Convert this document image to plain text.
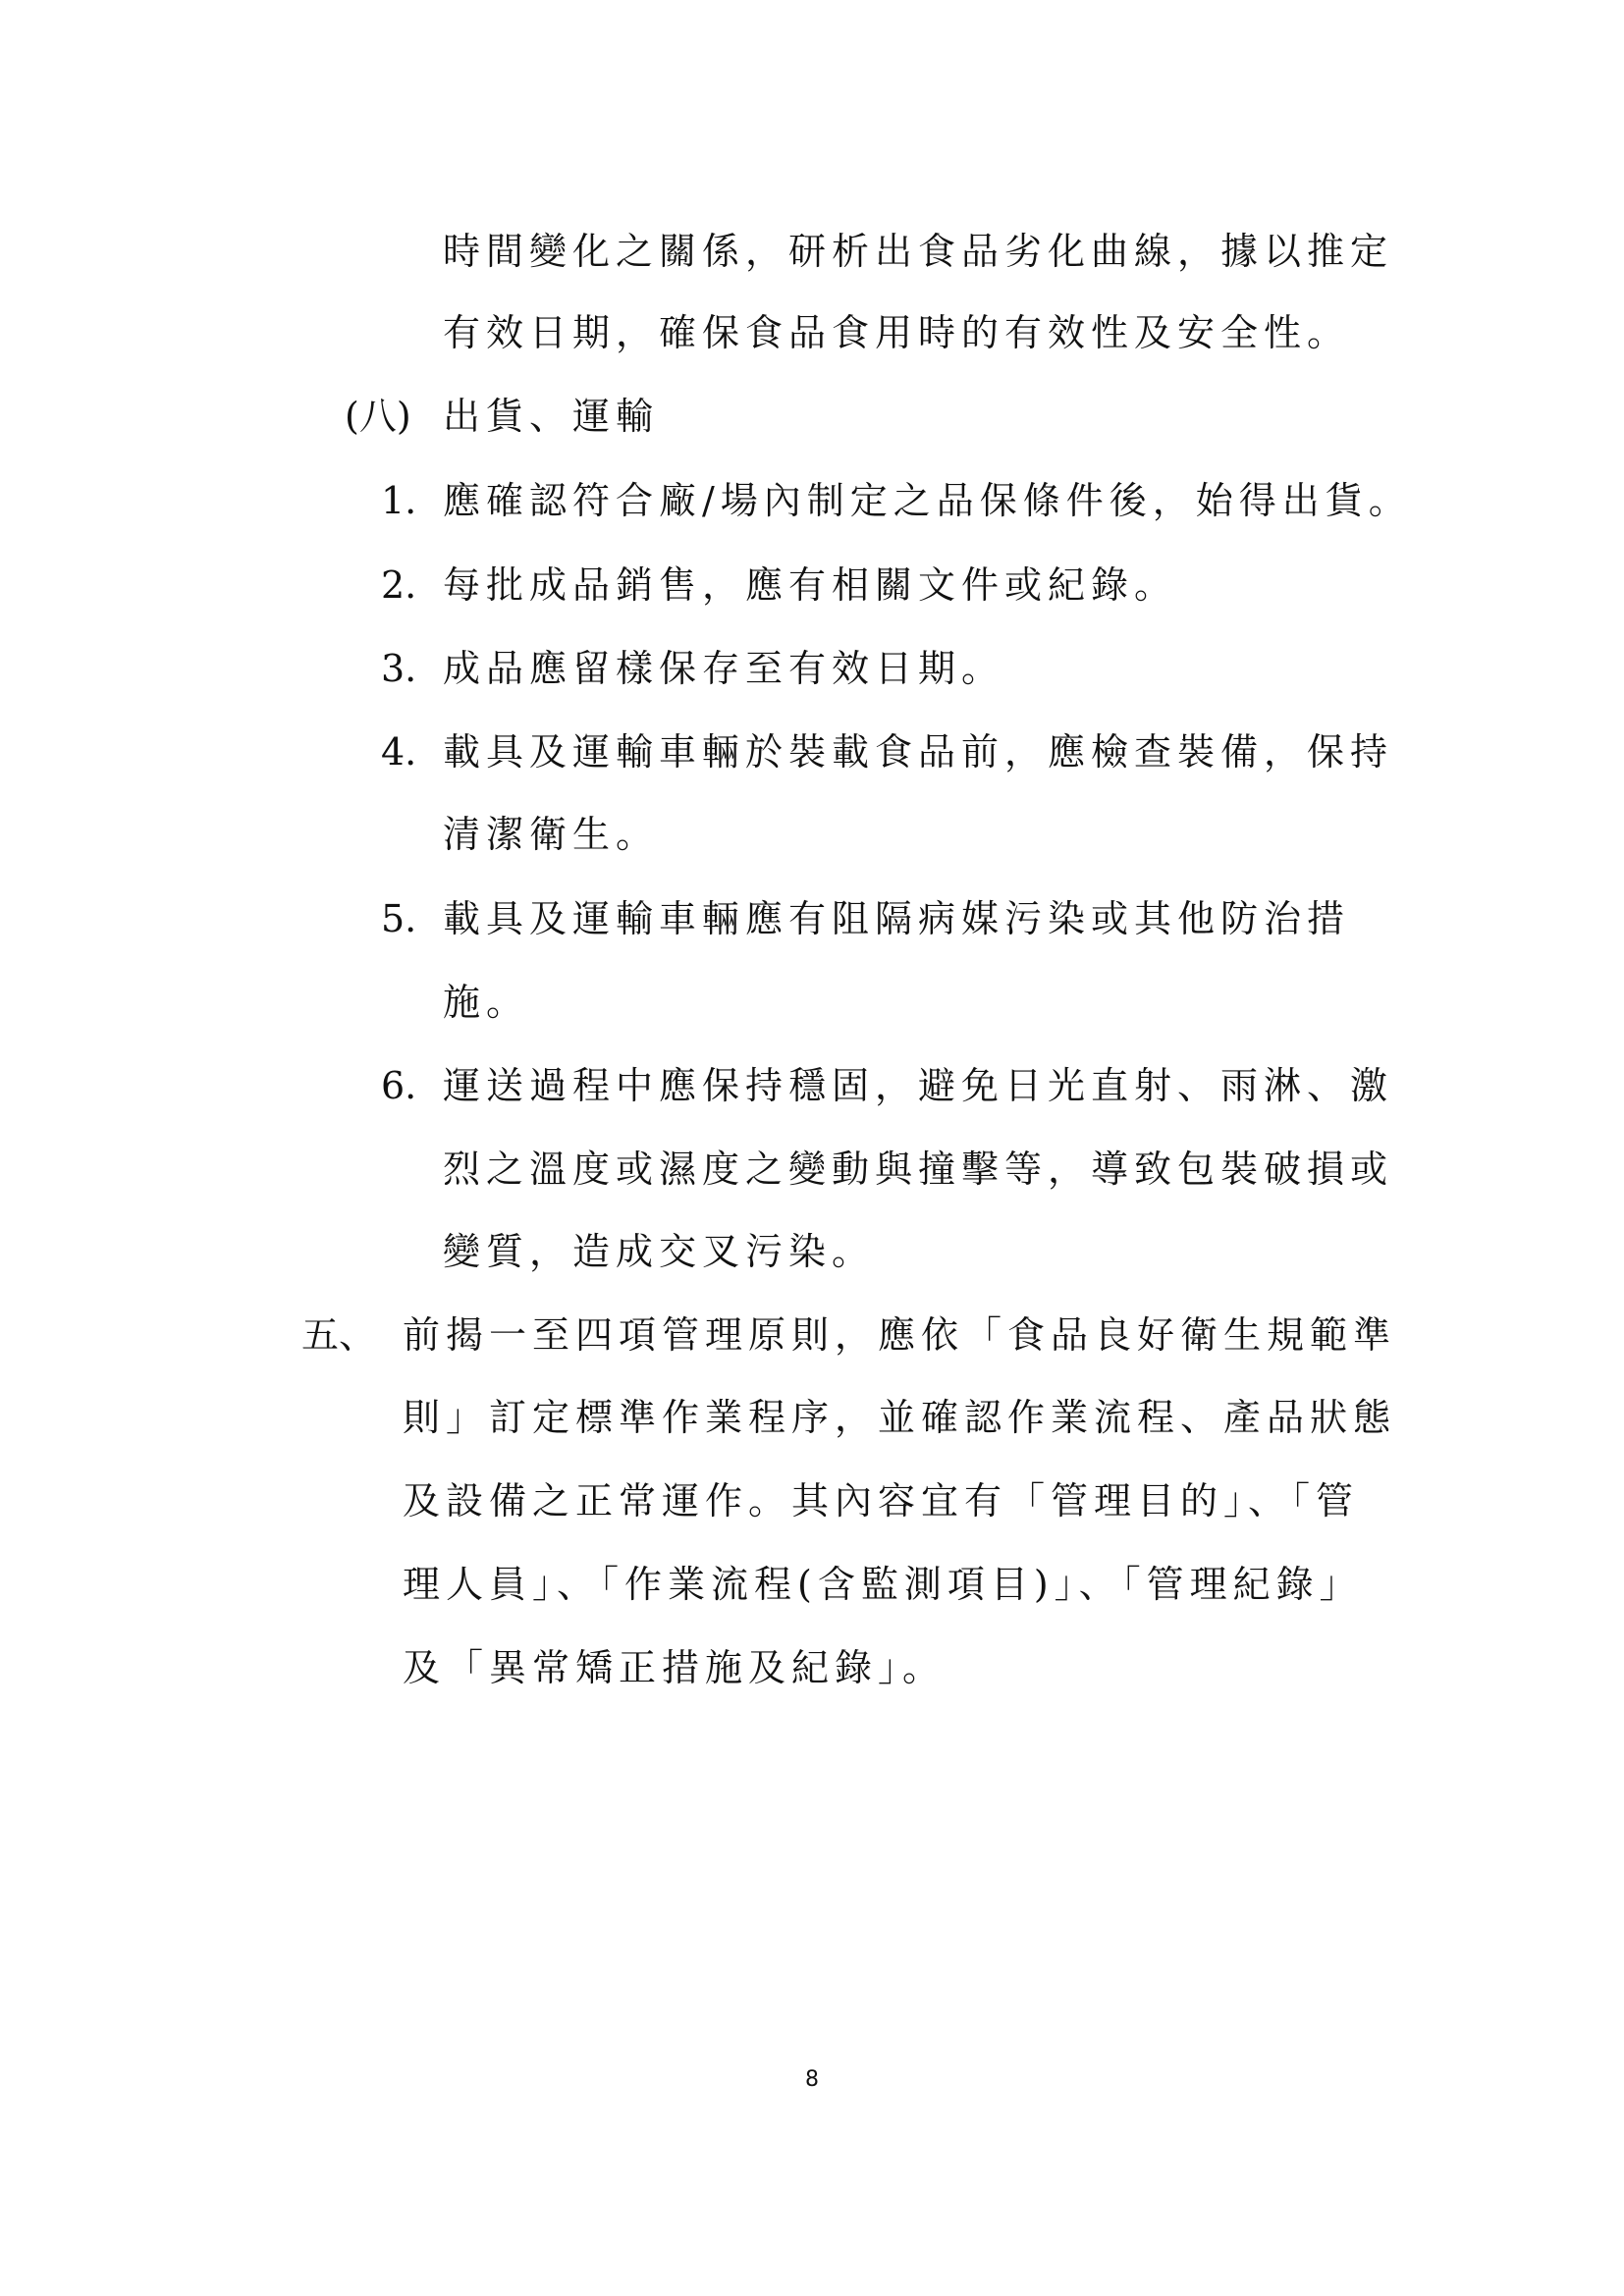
時間變化之關係，研析出食品劣化曲線，據以推定
有效日期，確保食品食用時的有效性及安全性。
(八) 出貨、運輸
1. 應確認符合廠/場內制定之品保條件後，始得出貨。
2. 每批成品銷售，應有相關文件或紀錄。
3. 成品應留樣保存至有效日期。
4. 載具及運輸車輛於裝載食品前，應檢查裝備，保持
清潔衛生。
5. 載具及運輸車輛應有阻隔病媒污染或其他防治措
施。
6. 運送過程中應保持穩固，避免日光直射、雨淋、激
烈之溫度或濕度之變動與撞擊等，導致包裝破損或
變質，造成交叉污染。
五、 前揭一至四項管理原則，應依「食品良好衛生規範準
則」訂定標準作業程序，並確認作業流程、產品狀態
及設備之正常運作。其內容宜有「管理目的」、「管
理人員」、「作業流程(含監測項目)」、「管理紀錄」
及「異常矯正措施及紀錄」。
8
